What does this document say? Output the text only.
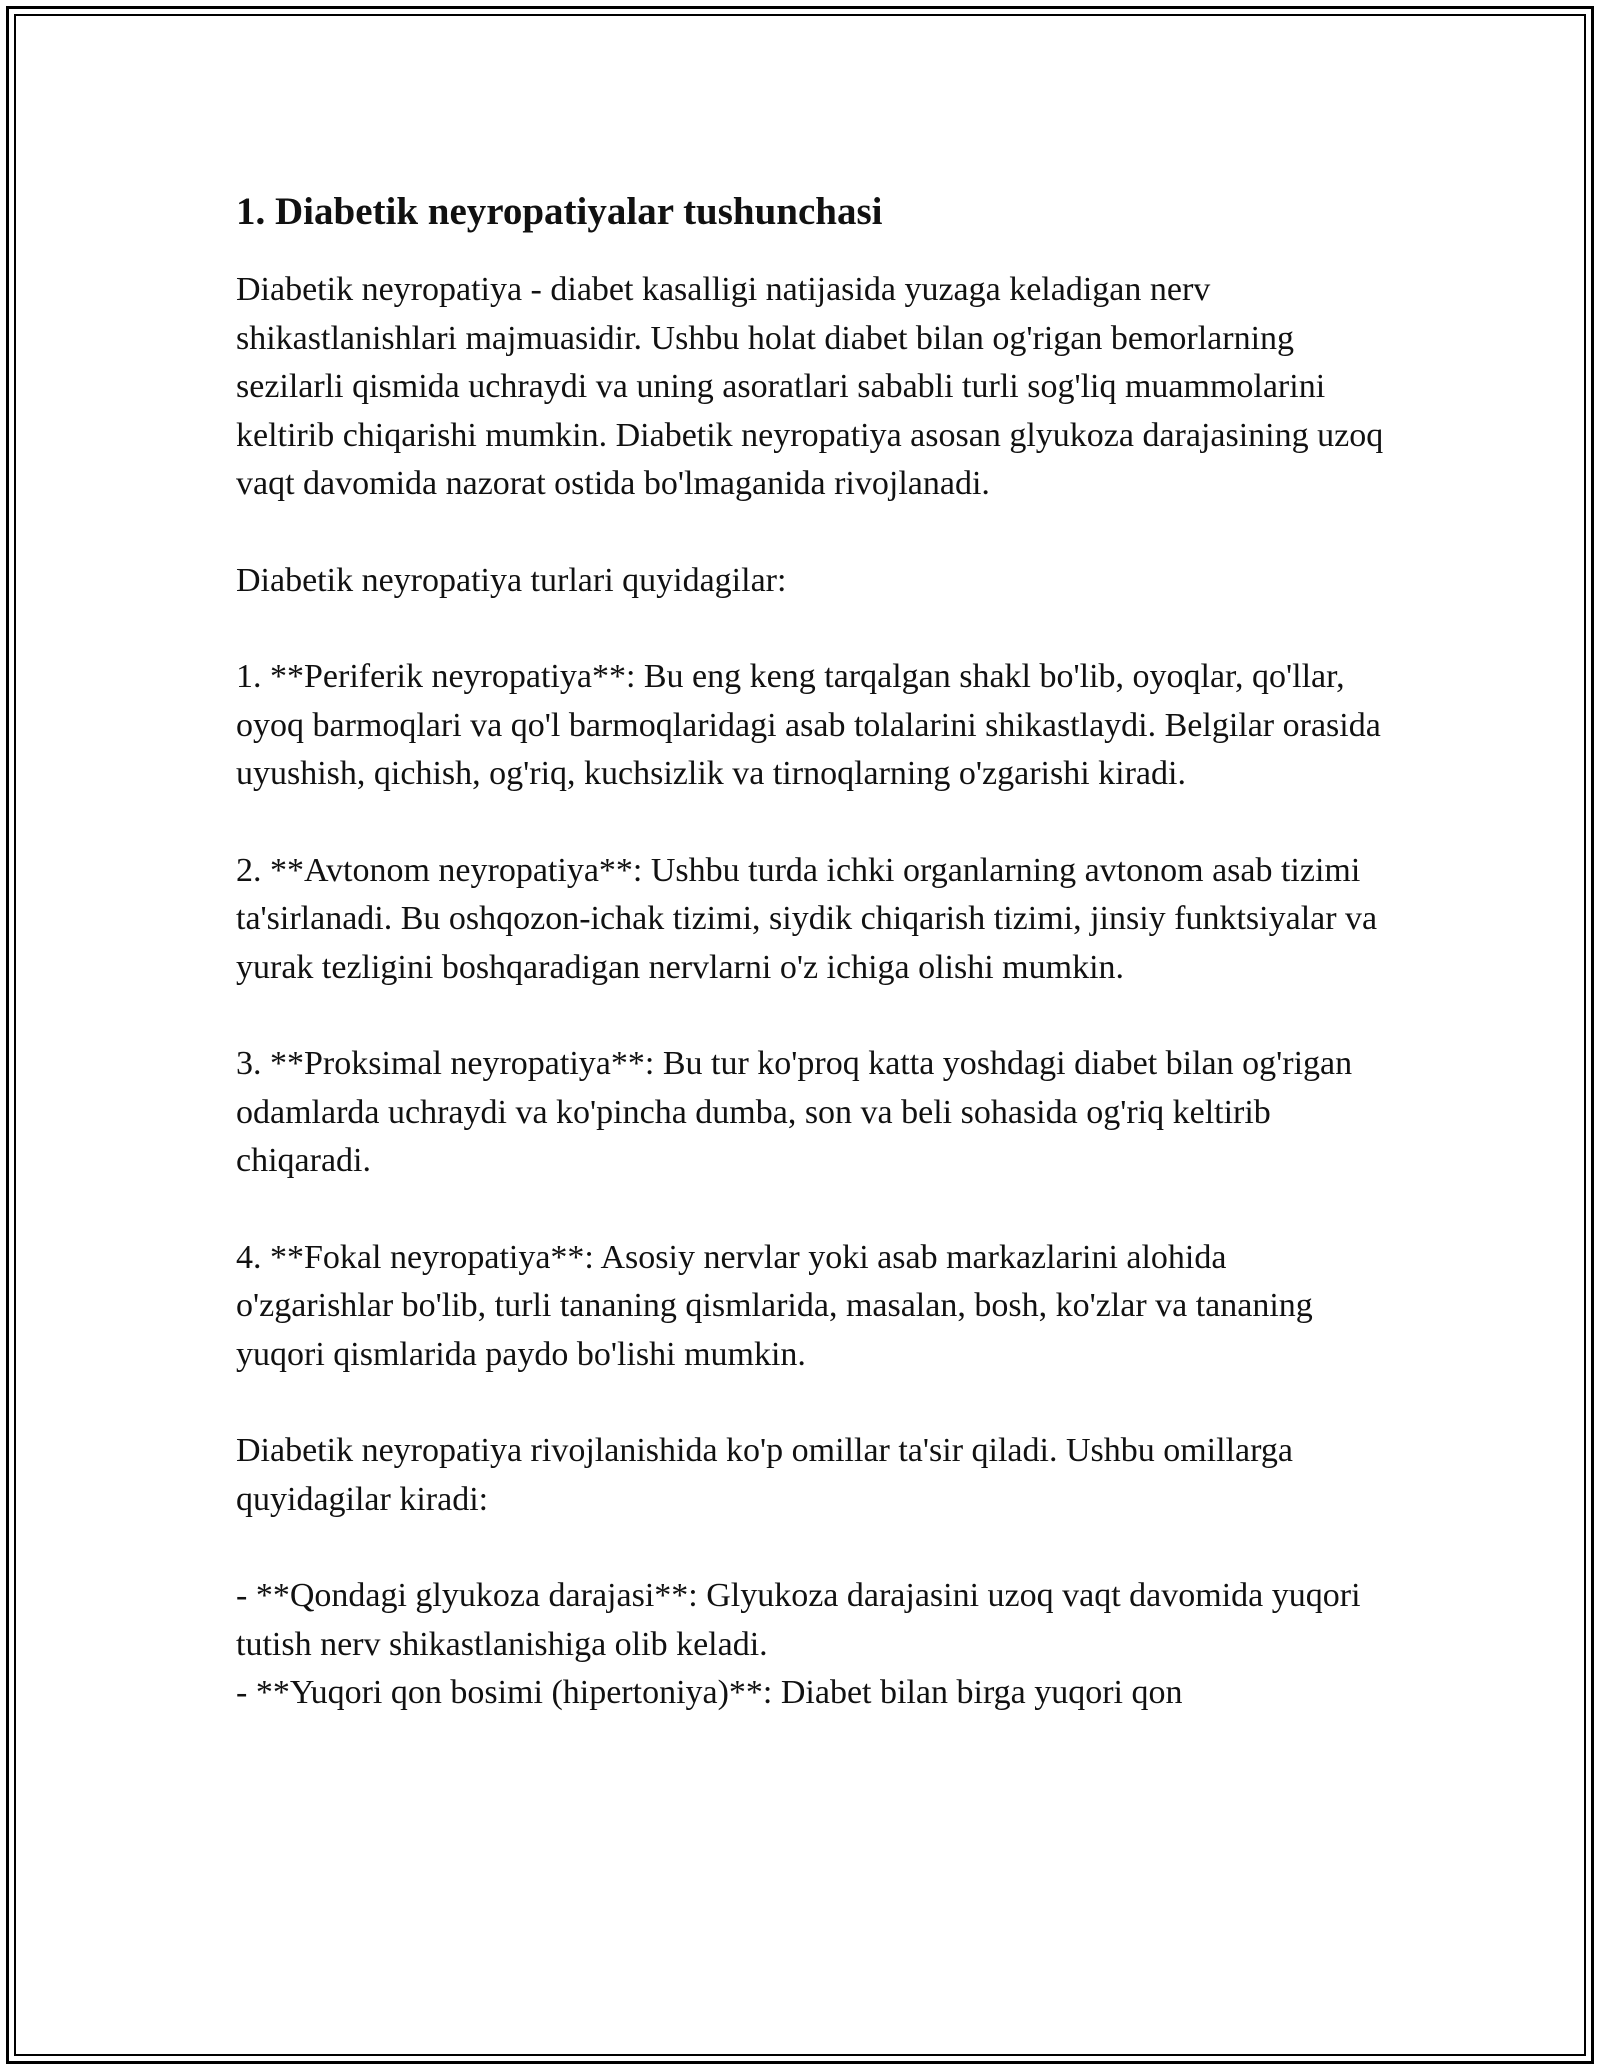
1. Diabetik neyropatiyalar tushunchasi

Diabetik neyropatiya - diabet kasalligi natijasida yuzaga keladigan nerv shikastlanishlari majmuasidir. Ushbu holat diabet bilan og'rigan bemorlarning sezilarli qismida uchraydi va uning asoratlari sababli turli sog'liq muammolarini keltirib chiqarishi mumkin. Diabetik neyropatiya asosan glyukoza darajasining uzoq vaqt davomida nazorat ostida bo'lmaganida rivojlanadi.

Diabetik neyropatiya turlari quyidagilar:

1. **Periferik neyropatiya**: Bu eng keng tarqalgan shakl bo'lib, oyoqlar, qo'llar, oyoq barmoqlari va qo'l barmoqlaridagi asab tolalarini shikastlaydi. Belgilar orasida uyushish, qichish, og'riq, kuchsizlik va tirnoqlarning o'zgarishi kiradi.

2. **Avtonom neyropatiya**: Ushbu turda ichki organlarning avtonom asab tizimi ta'sirlanadi. Bu oshqozon-ichak tizimi, siydik chiqarish tizimi, jinsiy funktsiyalar va yurak tezligini boshqaradigan nervlarni o'z ichiga olishi mumkin.

3. **Proksimal neyropatiya**: Bu tur ko'proq katta yoshdagi diabet bilan og'rigan odamlarda uchraydi va ko'pincha dumba, son va beli sohasida og'riq keltirib chiqaradi.

4. **Fokal neyropatiya**: Asosiy nervlar yoki asab markazlarini alohida o'zgarishlar bo'lib, turli tananing qismlarida, masalan, bosh, ko'zlar va tananing yuqori qismlarida paydo bo'lishi mumkin.

Diabetik neyropatiya rivojlanishida ko'p omillar ta'sir qiladi. Ushbu omillarga quyidagilar kiradi:

- **Qondagi glyukoza darajasi**: Glyukoza darajasini uzoq vaqt davomida yuqori tutish nerv shikastlanishiga olib keladi.

- **Yuqori qon bosimi (hipertoniya)**: Diabet bilan birga yuqori qon
